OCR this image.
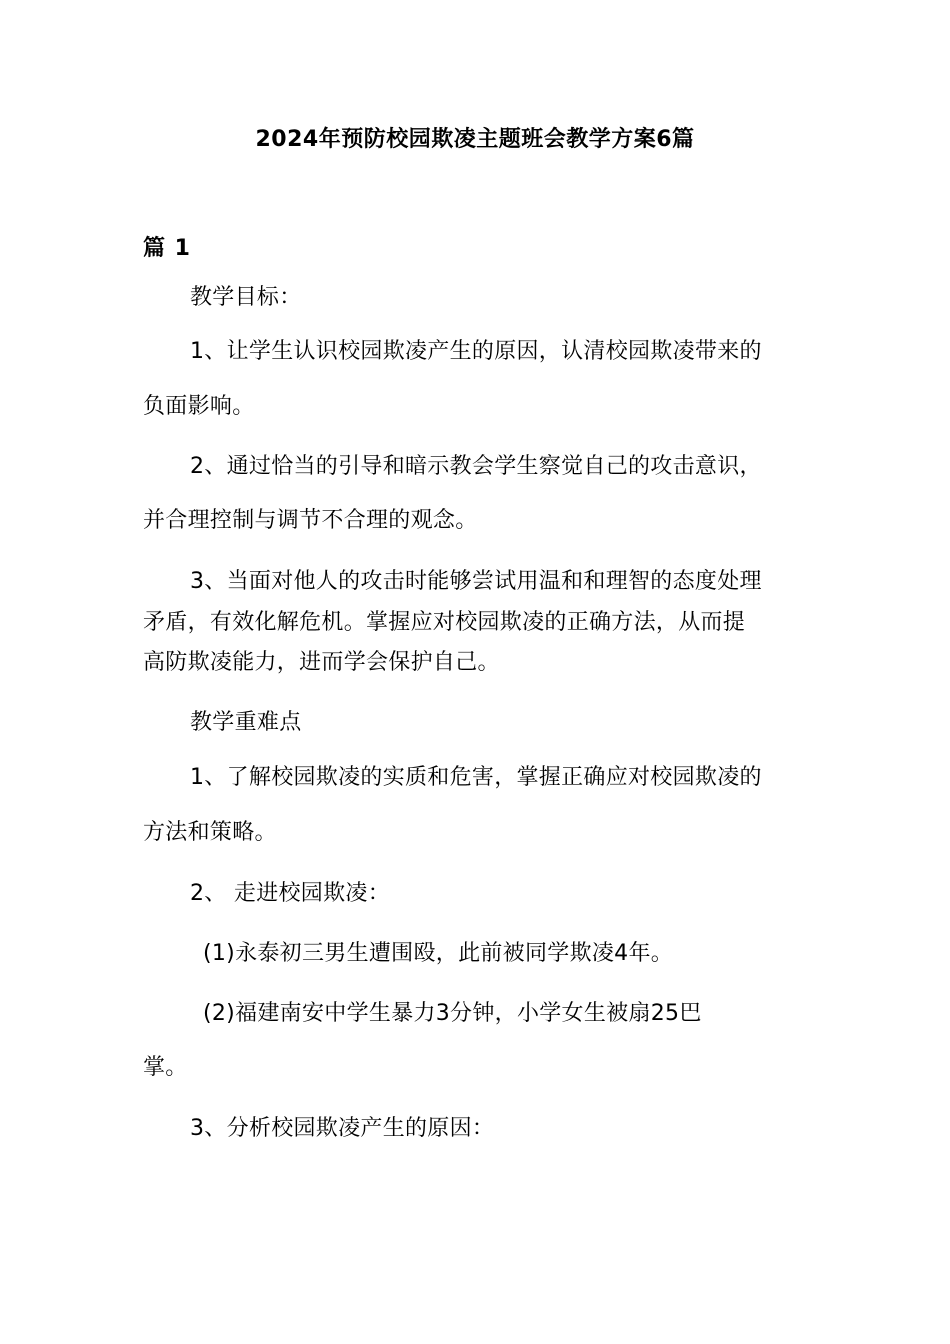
2024年预防校园欺凌主题班会教学方案6篇
篇 1
教学目标：
1、让学生认识校园欺凌产生的原因，认清校园欺凌带来的
负面影响。
2、通过恰当的引导和暗示教会学生察觉自己的攻击意识，
并合理控制与调节不合理的观念。
3、当面对他人的攻击时能够尝试用温和和理智的态度处理
矛盾，有效化解危机。掌握应对校园欺凌的正确方法，从而提
高防欺凌能力，进而学会保护自己。
教学重难点
1、了解校园欺凌的实质和危害，掌握正确应对校园欺凌的
方法和策略。
2、 走进校园欺凌：
(1)永泰初三男生遭围殴，此前被同学欺凌4年。
(2)福建南安中学生暴力3分钟，小学女生被扇25巴
掌。
3、分析校园欺凌产生的原因：
